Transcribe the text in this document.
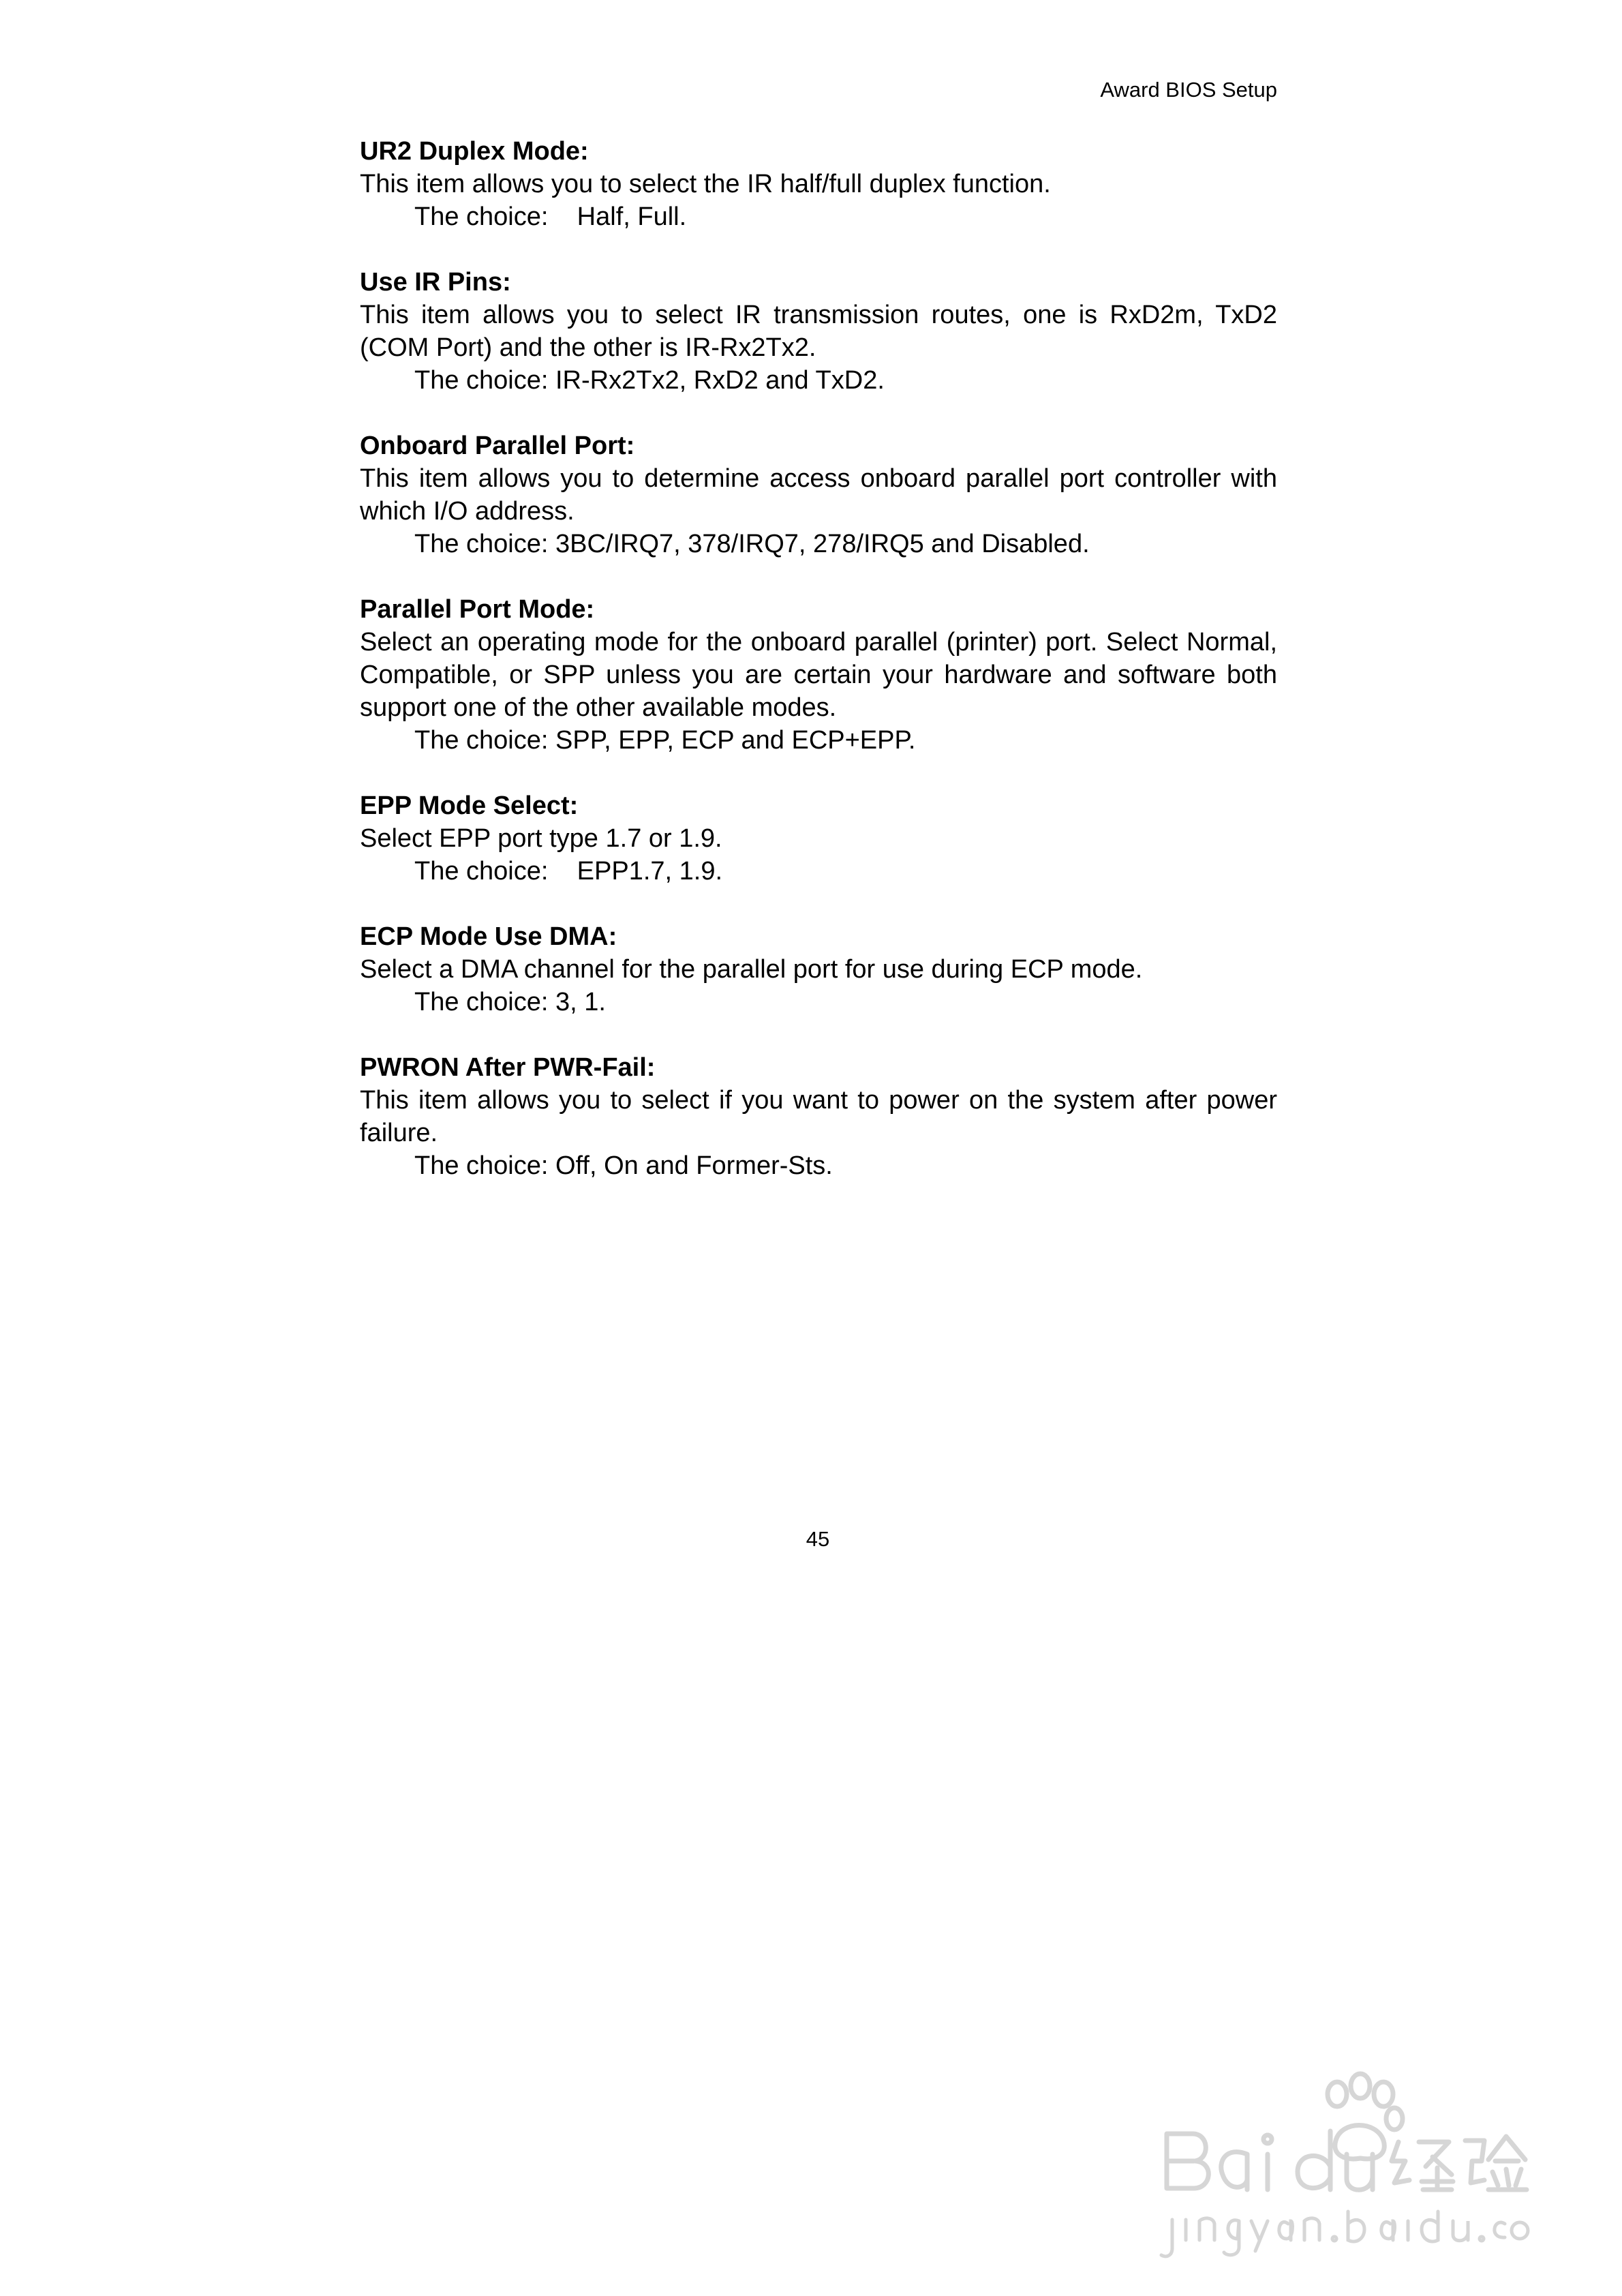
Award BIOS Setup

UR2 Duplex Mode:

This item allows you to select the IR half/full duplex function.

The choice:    Half, Full.

Use IR Pins:

This item allows you to select IR transmission routes, one is RxD2m, TxD2 (COM Port) and the other is IR-Rx2Tx2.

The choice: IR-Rx2Tx2, RxD2 and TxD2.

Onboard Parallel Port:

This item allows you to determine access onboard parallel port controller with which I/O address.

The choice: 3BC/IRQ7, 378/IRQ7, 278/IRQ5 and Disabled.

Parallel Port Mode:

Select an operating mode for the onboard parallel (printer) port. Select Normal, Compatible, or SPP unless you are certain your hardware and software both support one of the other available modes.

The choice: SPP, EPP, ECP and ECP+EPP.

EPP Mode Select:

Select EPP port type 1.7 or 1.9.

The choice:    EPP1.7, 1.9.

ECP Mode Use DMA:

Select a DMA channel for the parallel port for use during ECP mode.

The choice: 3, 1.

PWRON After PWR-Fail:

This item allows you to select if you want to power on the system after power failure.

The choice: Off, On and Former-Sts.

45
